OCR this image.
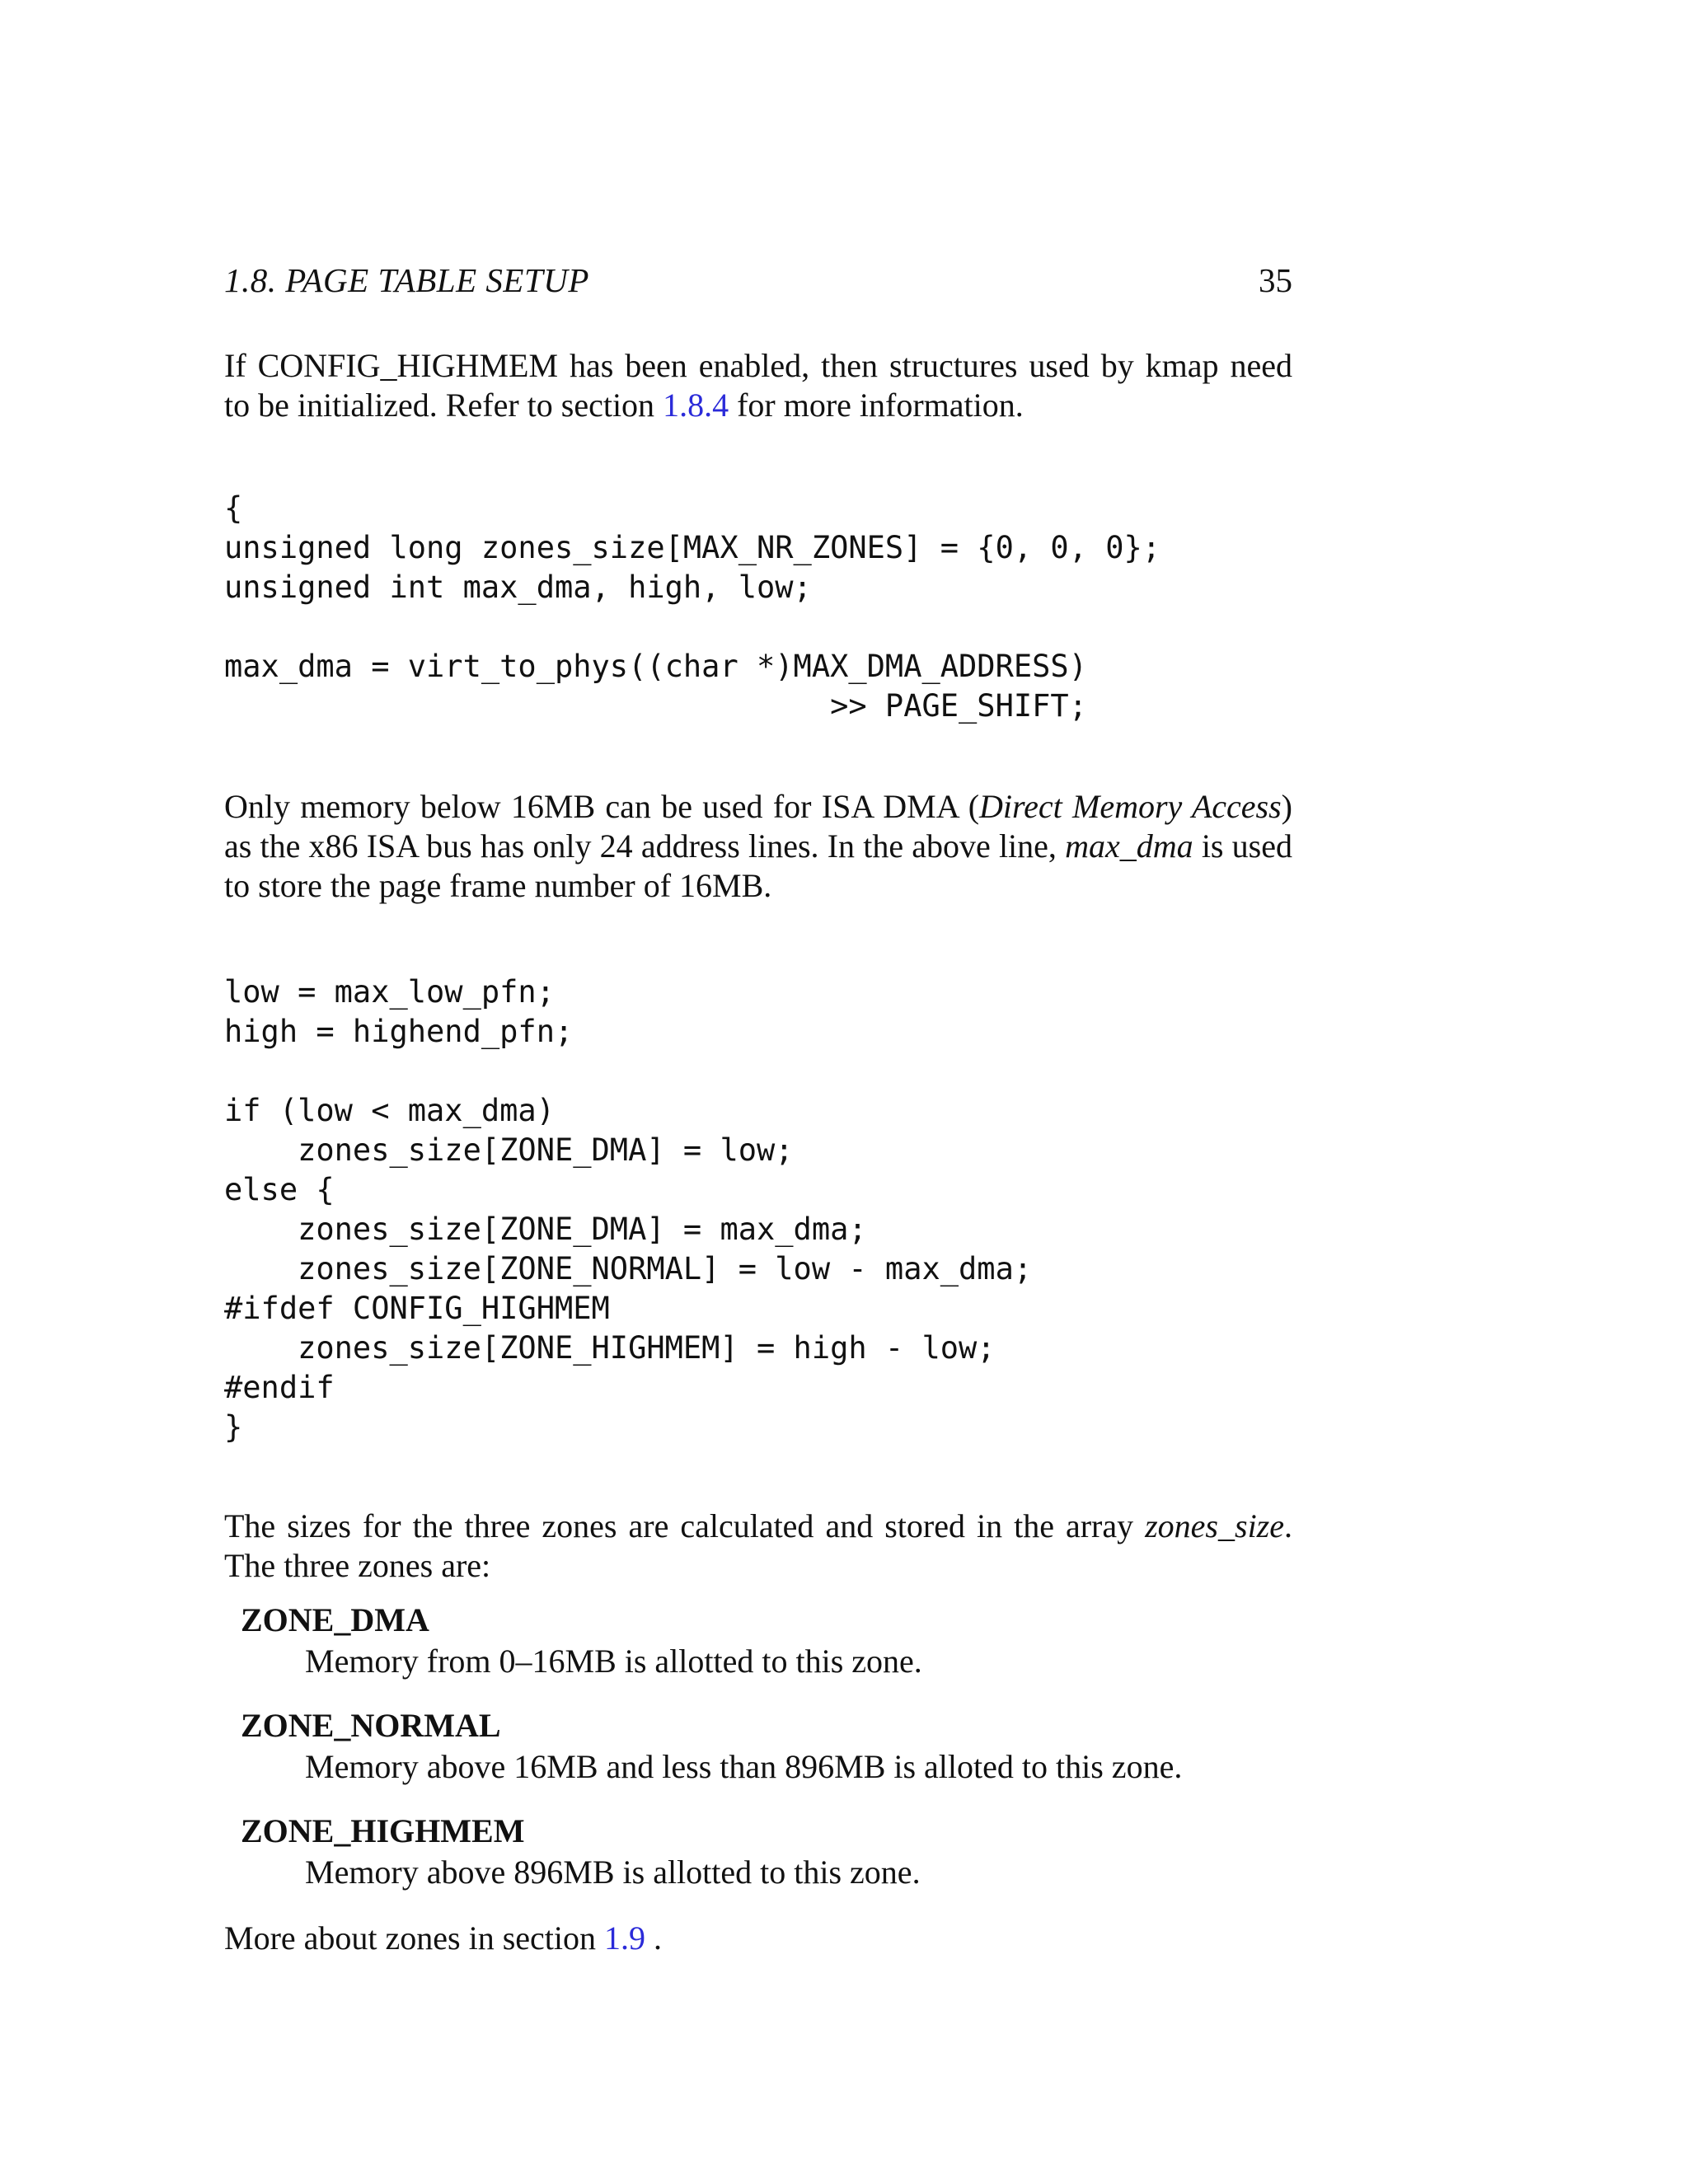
1.8. PAGE TABLE SETUP	35

If CONFIG_HIGHMEM has been enabled, then structures used by kmap need to be initialized. Refer to section 1.8.4 for more information.

{
unsigned long zones_size[MAX_NR_ZONES] = {0, 0, 0};
unsigned int max_dma, high, low;
max_dma = virt_to_phys((char *)MAX_DMA_ADDRESS)
>> PAGE_SHIFT;

Only memory below 16MB can be used for ISA DMA (Direct Memory Access) as the x86 ISA bus has only 24 address lines. In the above line, max_dma is used to store the page frame number of 16MB.

low = max_low_pfn;
high = highend_pfn;
if (low < max_dma)
zones_size[ZONE_DMA] = low;
else {
zones_size[ZONE_DMA] = max_dma;
zones_size[ZONE_NORMAL] = low - max_dma;
#ifdef CONFIG_HIGHMEM
zones_size[ZONE_HIGHMEM] = high - low;
#endif
}

The sizes for the three zones are calculated and stored in the array zones_size. The three zones are:

ZONE_DMA
Memory from 0–16MB is allotted to this zone.
ZONE_NORMAL
Memory above 16MB and less than 896MB is alloted to this zone.
ZONE_HIGHMEM
Memory above 896MB is allotted to this zone.

More about zones in section 1.9 .
